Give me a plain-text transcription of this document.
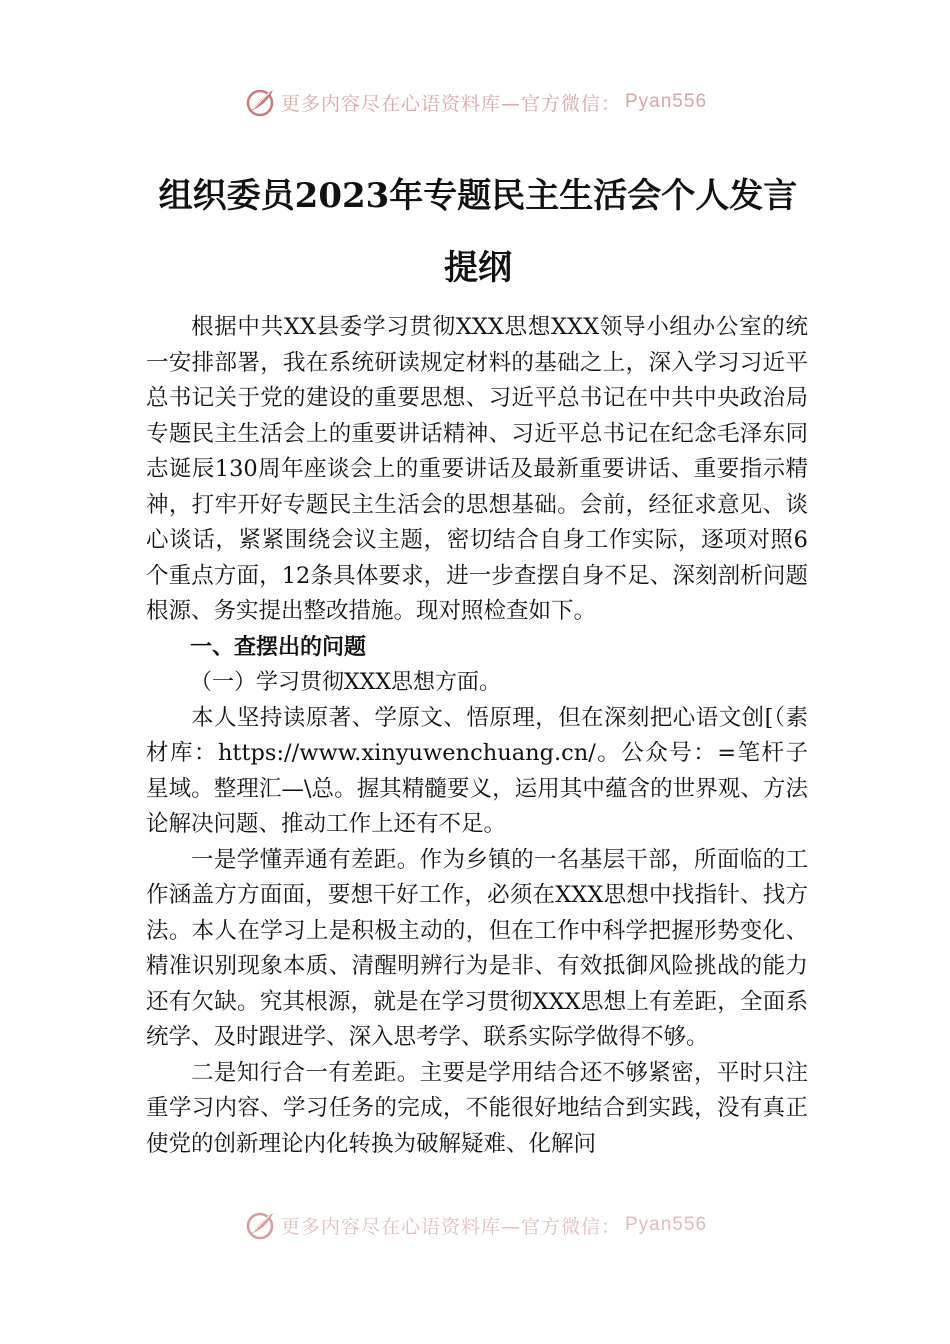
更多内容尽在心语资料库—官方微信： Pyan556
组织委员2023年专题民主生活会个人发言
提纲

根据中共XX县委学习贯彻XXX思想XXX领导小组办公室的统一安排部署，我在系统研读规定材料的基础之上，深入学习习近平总书记关于党的建设的重要思想、习近平总书记在中共中央政治局专题民主生活会上的重要讲话精神、习近平总书记在纪念毛泽东同志诞辰130周年座谈会上的重要讲话及最新重要讲话、重要指示精神，打牢开好专题民主生活会的思想基础。会前，经征求意见、谈心谈话，紧紧围绕会议主题，密切结合自身工作实际，逐项对照6个重点方面，12条具体要求，进一步查摆自身不足、深刻剖析问题根源、务实提出整改措施。现对照检查如下。

一、查摆出的问题

（一）学习贯彻XXX思想方面。

本人坚持读原著、学原文、悟原理，但在深刻把心语文创[（素材库：https://www.xinyuwenchuang.cn/。公众号：=笔杆子星域。整理汇—\总。握其精髓要义，运用其中蕴含的世界观、方法论解决问题、推动工作上还有不足。

一是学懂弄通有差距。作为乡镇的一名基层干部，所面临的工作涵盖方方面面，要想干好工作，必须在XXX思想中找指针、找方法。本人在学习上是积极主动的，但在工作中科学把握形势变化、精准识别现象本质、清醒明辨行为是非、有效抵御风险挑战的能力还有欠缺。究其根源，就是在学习贯彻XXX思想上有差距，全面系统学、及时跟进学、深入思考学、联系实际学做得不够。

二是知行合一有差距。主要是学用结合还不够紧密，平时只注重学习内容、学习任务的完成，不能很好地结合到实践，没有真正使党的创新理论内化转换为破解疑难、化解问

更多内容尽在心语资料库—官方微信： Pyan556
